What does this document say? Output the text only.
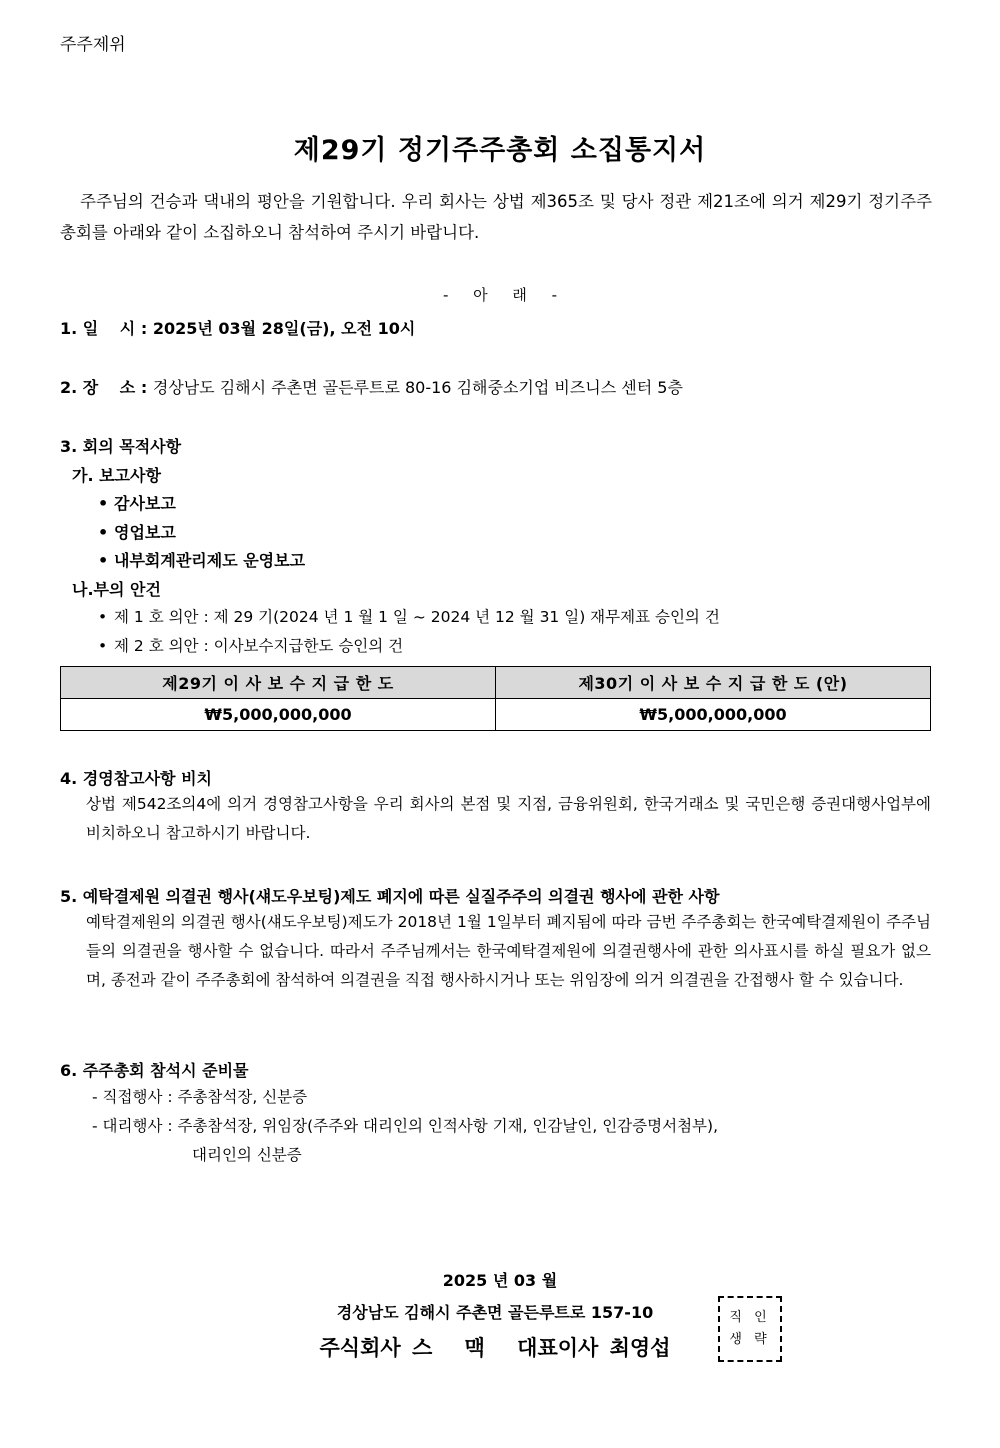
주주제위
제29기 정기주주총회 소집통지서
주주님의 건승과 댁내의 평안을 기원합니다. 우리 회사는 상법 제365조 및 당사 정관 제21조에 의거 제29기 정기주주총회를 아래와 같이 소집하오니 참석하여 주시기 바랍니다.
- 아 래 -
1. 일　 시 : 2025년 03월 28일(금), 오전 10시
2. 장　 소 : 경상남도 김해시 주촌면 골든루트로 80-16 김해중소기업 비즈니스 센터 5층
3. 회의 목적사항
가. 보고사항
• 감사보고
• 영업보고
• 내부회계관리제도 운영보고
나.부의 안건
• 제 1 호 의안 : 제 29 기(2024 년 1 월 1 일 ~ 2024 년 12 월 31 일) 재무제표 승인의 건
• 제 2 호 의안 : 이사보수지급한도 승인의 건
제29기 이 사 보 수 지 급 한 도	제30기 이 사 보 수 지 급 한 도 (안)
₩5,000,000,000	₩5,000,000,000
4. 경영참고사항 비치
상법 제542조의4에 의거 경영참고사항을 우리 회사의 본점 및 지점, 금융위원회, 한국거래소 및 국민은행 증권대행사업부에 비치하오니 참고하시기 바랍니다.
5. 예탁결제원 의결권 행사(섀도우보팅)제도 폐지에 따른 실질주주의 의결권 행사에 관한 사항
예탁결제원의 의결권 행사(섀도우보팅)제도가 2018년 1월 1일부터 폐지됨에 따라 금번 주주총회는 한국예탁결제원이 주주님들의 의결권을 행사할 수 없습니다. 따라서 주주님께서는 한국예탁결제원에 의결권행사에 관한 의사표시를 하실 필요가 없으며, 종전과 같이 주주총회에 참석하여 의결권을 직접 행사하시거나 또는 위임장에 의거 의결권을 간접행사 할 수 있습니다.
6. 주주총회 참석시 준비물
- 직접행사 : 주총참석장, 신분증
- 대리행사 : 주총참석장, 위임장(주주와 대리인의 인적사항 기재, 인감날인, 인감증명서첨부),
대리인의 신분증
2025 년 03 월
경상남도 김해시 주촌면 골든루트로 157-10
주식회사 스　 맥　 대표이사 최영섭
직 인
생 략
